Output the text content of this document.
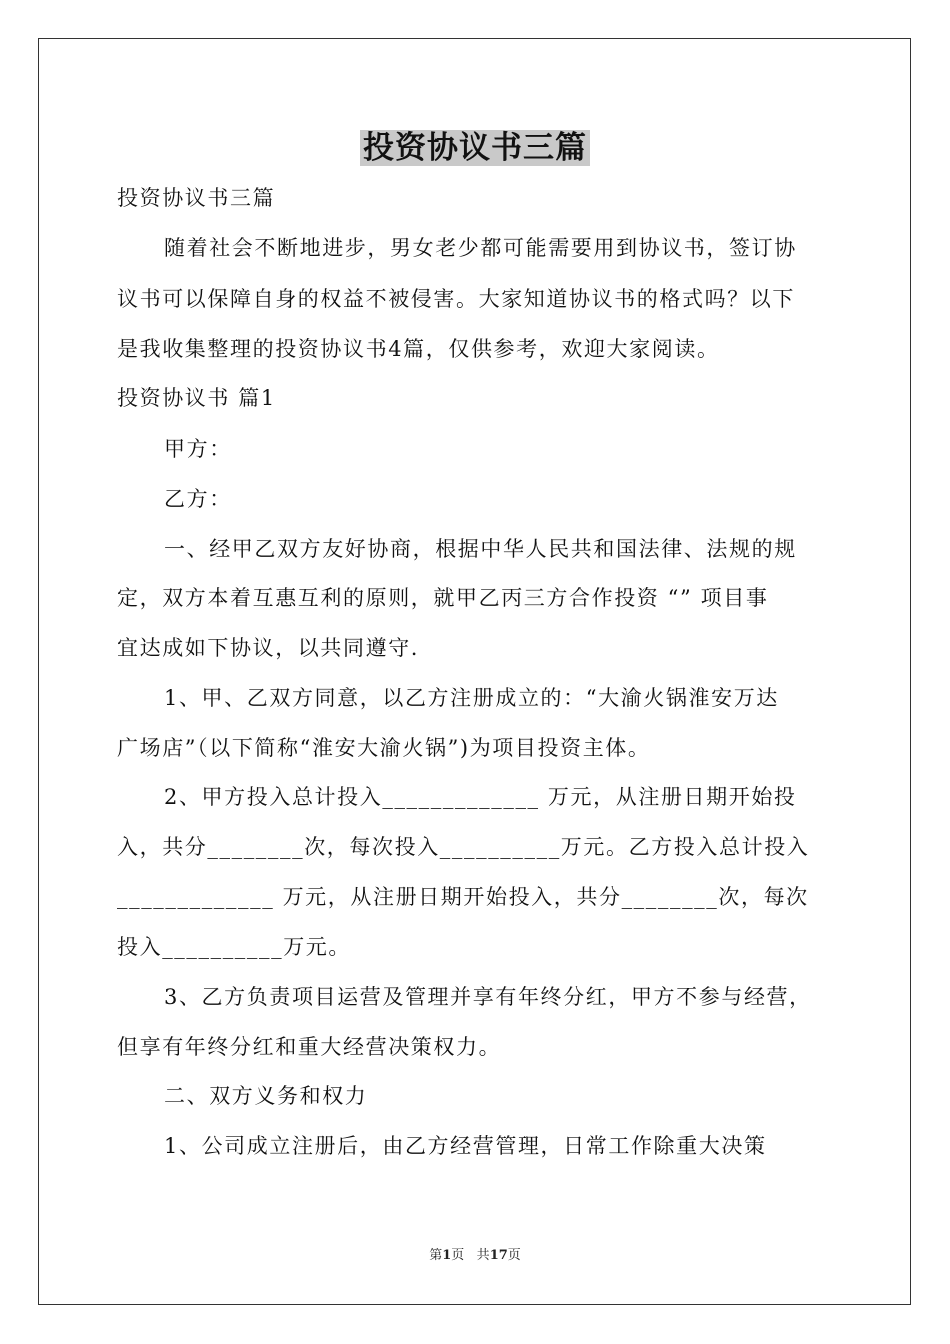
投资协议书三篇
投资协议书三篇
随着社会不断地进步，男女老少都可能需要用到协议书，签订协
议书可以保障自身的权益不被侵害。大家知道协议书的格式吗？以下
是我收集整理的投资协议书4篇，仅供参考，欢迎大家阅读。
投资协议书 篇1
甲方：
乙方：
一、经甲乙双方友好协商，根据中华人民共和国法律、法规的规
定，双方本着互惠互利的原则，就甲乙丙三方合作投资 “” 项目事
宜达成如下协议，以共同遵守.
1、甲、乙双方同意，以乙方注册成立的：“大渝火锅淮安万达
广场店”（以下简称“淮安大渝火锅”)为项目投资主体。
2、甲方投入总计投入_____________ 万元，从注册日期开始投
入，共分________次，每次投入__________万元。乙方投入总计投入
_____________ 万元，从注册日期开始投入，共分________次，每次
投入__________万元。
3、乙方负责项目运营及管理并享有年终分红，甲方不参与经营，
但享有年终分红和重大经营决策权力。
二、双方义务和权力
1、公司成立注册后，由乙方经营管理，日常工作除重大决策
第1页 共17页
